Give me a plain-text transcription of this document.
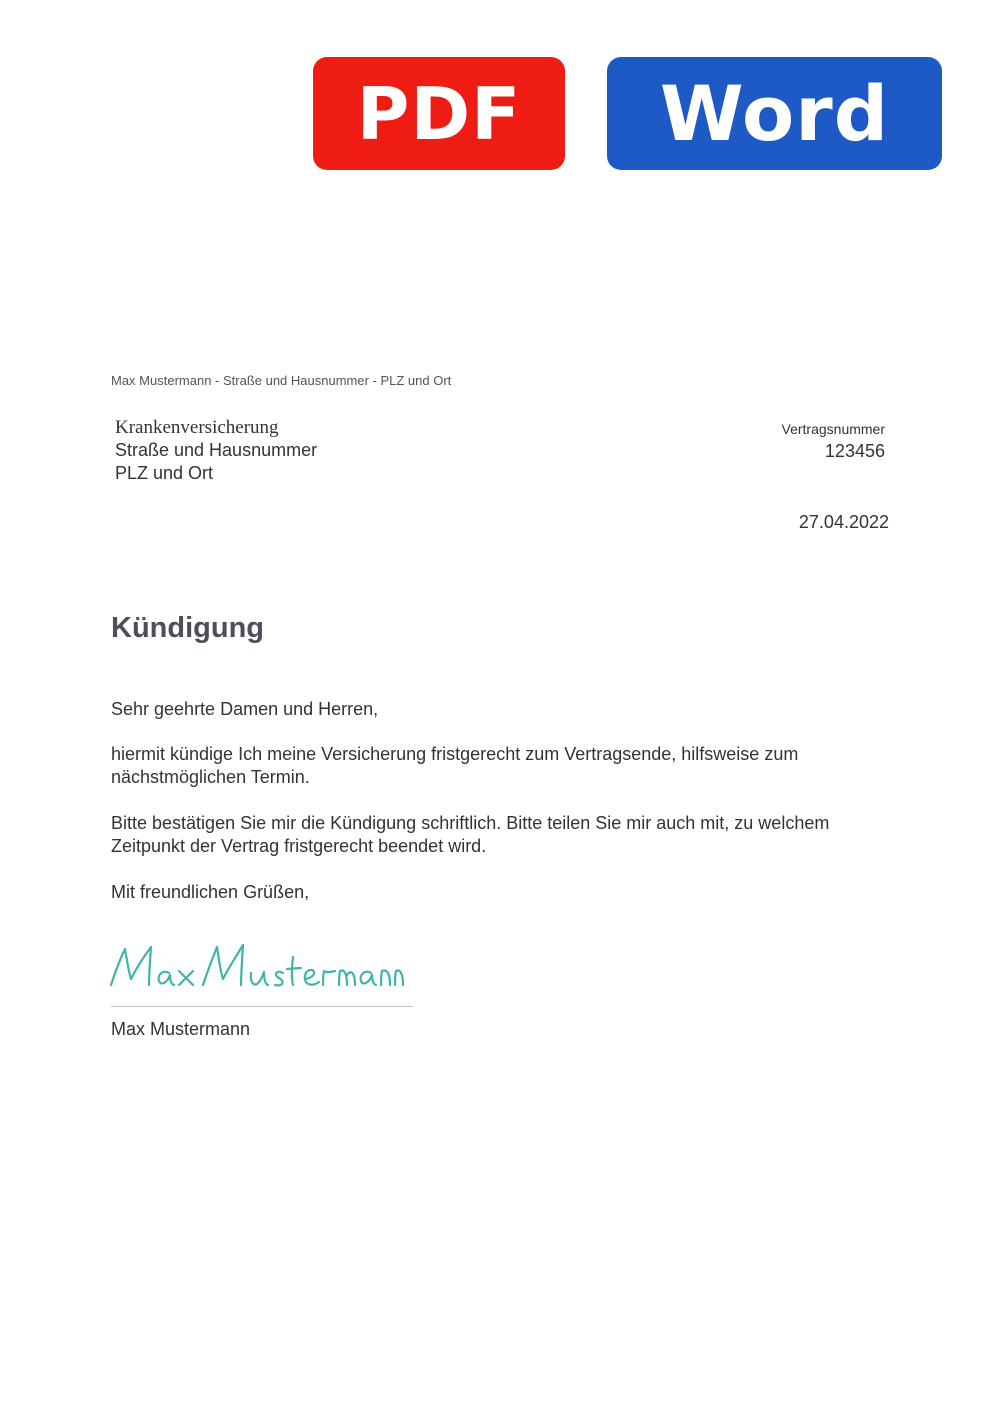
PDF	Word
Max Mustermann - Straße und Hausnummer - PLZ und Ort
Krankenversicherung
Straße und Hausnummer
PLZ und Ort
Vertragsnummer
123456
27.04.2022
Kündigung

Sehr geehrte Damen und Herren,

hiermit kündige Ich meine Versicherung fristgerecht zum Vertragsende, hilfsweise zum nächstmöglichen Termin.

Bitte bestätigen Sie mir die Kündigung schriftlich. Bitte teilen Sie mir auch mit, zu welchem Zeitpunkt der Vertrag fristgerecht beendet wird.

Mit freundlichen Grüßen,

Max Mustermann
